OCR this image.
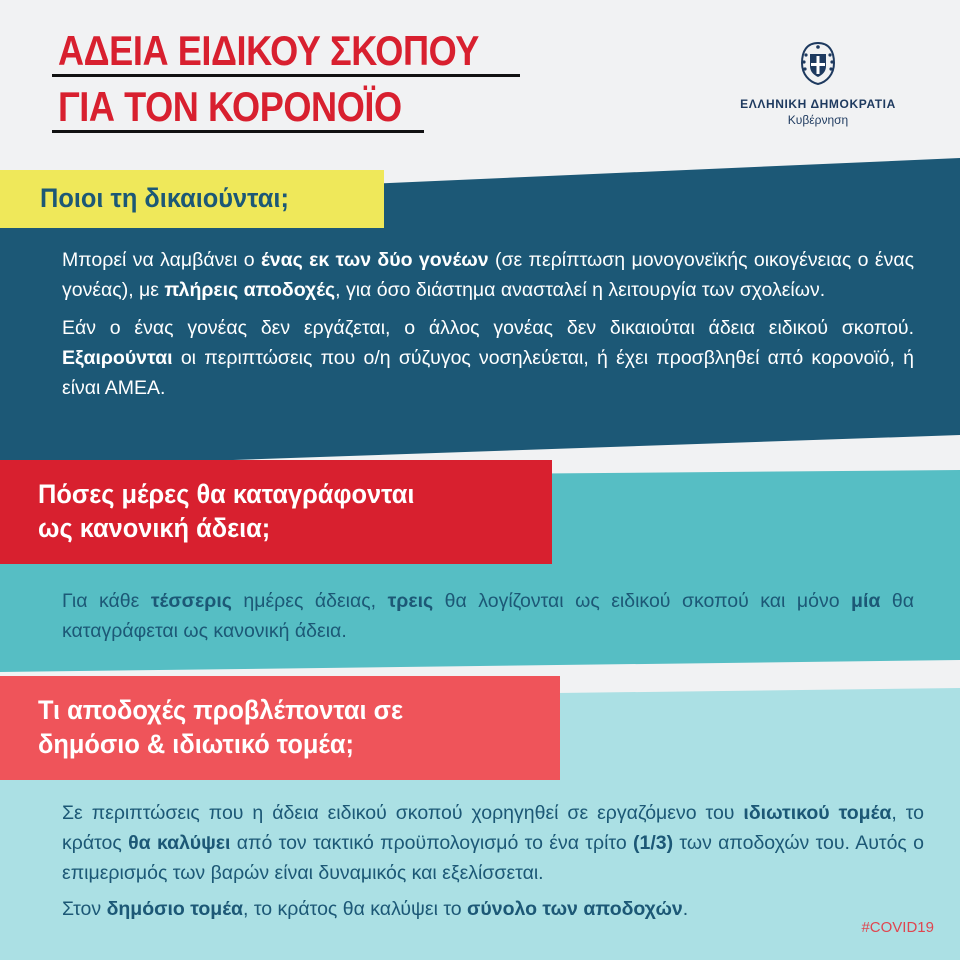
ΑΔΕΙΑ ΕΙΔΙΚΟΥ ΣΚΟΠΟΥ
ΓΙΑ ΤΟΝ ΚΟΡΟΝΟΪΟ	ΕΛΛΗΝΙΚΗ ΔΗΜΟΚΡΑΤΙΑ
Κυβέρνηση
Ποιοι τη δικαιούνται;

Μπορεί να λαμβάνει ο ένας εκ των δύο γονέων (σε περίπτωση μονογονεϊκής οικογένειας ο ένας γονέας), με πλήρεις αποδοχές, για όσο διάστημα ανασταλεί η λειτουργία των σχολείων.

Εάν ο ένας γονέας δεν εργάζεται, ο άλλος γονέας δεν δικαιούται άδεια ειδικού σκοπού. Εξαιρούνται οι περιπτώσεις που ο/η σύζυγος νοσηλεύεται, ή έχει προσβληθεί από κορονοϊό, ή είναι ΑΜΕΑ.

Πόσες μέρες θα καταγράφονται
ως κανονική άδεια;

Για κάθε τέσσερις ημέρες άδειας, τρεις θα λογίζονται ως ειδικού σκοπού και μόνο μία θα καταγράφεται ως κανονική άδεια.

Τι αποδοχές προβλέπονται σε
δημόσιο & ιδιωτικό τομέα;

Σε περιπτώσεις που η άδεια ειδικού σκοπού χορηγηθεί σε εργαζόμενο του ιδιωτικού τομέα, το κράτος θα καλύψει από τον τακτικό προϋπολογισμό το ένα τρίτο (1/3) των αποδοχών του. Αυτός ο επιμερισμός των βαρών είναι δυναμικός και εξελίσσεται.

Στον δημόσιο τομέα, το κράτος θα καλύψει το σύνολο των αποδοχών.

#COVID19
